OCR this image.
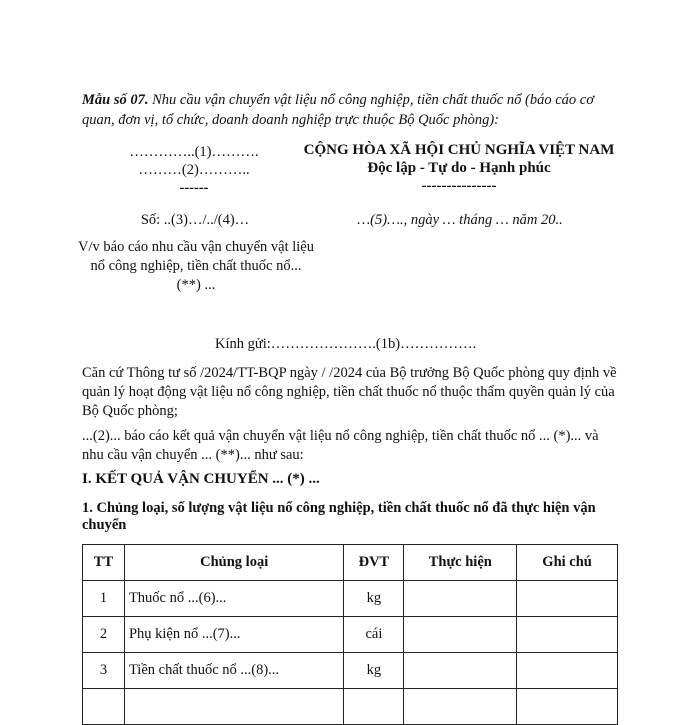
Mẫu số 07. Nhu cầu vận chuyển vật liệu nổ công nghiệp, tiền chất thuốc nổ (báo cáo cơ quan, đơn vị, tổ chức, doanh doanh nghiệp trực thuộc Bộ Quốc phòng):
…………..(1)……….
………(2)………..
------
CỘNG HÒA XÃ HỘI CHỦ NGHĨA VIỆT NAM
Độc lập - Tự do - Hạnh phúc
---------------
Số: ..(3)…/../(4)…	…(5)…., ngày … tháng … năm 20..
V/v báo cáo nhu cầu vận chuyển vật liệu nổ công nghiệp, tiền chất thuốc nổ... (**) ...
Kính gửi:………………….(1b)…………….
Căn cứ Thông tư số /2024/TT-BQP ngày / /2024 của Bộ trưởng Bộ Quốc phòng quy định về quản lý hoạt động vật liệu nổ công nghiệp, tiền chất thuốc nổ thuộc thẩm quyền quản lý của Bộ Quốc phòng;
...(2)... báo cáo kết quả vận chuyển vật liệu nổ công nghiệp, tiền chất thuốc nổ ... (*)... và nhu cầu vận chuyển ... (**)... như sau:
I. KẾT QUẢ VẬN CHUYỂN ... (*) ...
1. Chủng loại, số lượng vật liệu nổ công nghiệp, tiền chất thuốc nổ đã thực hiện vận chuyển
TT	Chủng loại	ĐVT	Thực hiện	Ghi chú
1	Thuốc nổ ...(6)...	kg		
2	Phụ kiện nổ ...(7)...	cái		
3	Tiền chất thuốc nổ ...(8)...	kg		
